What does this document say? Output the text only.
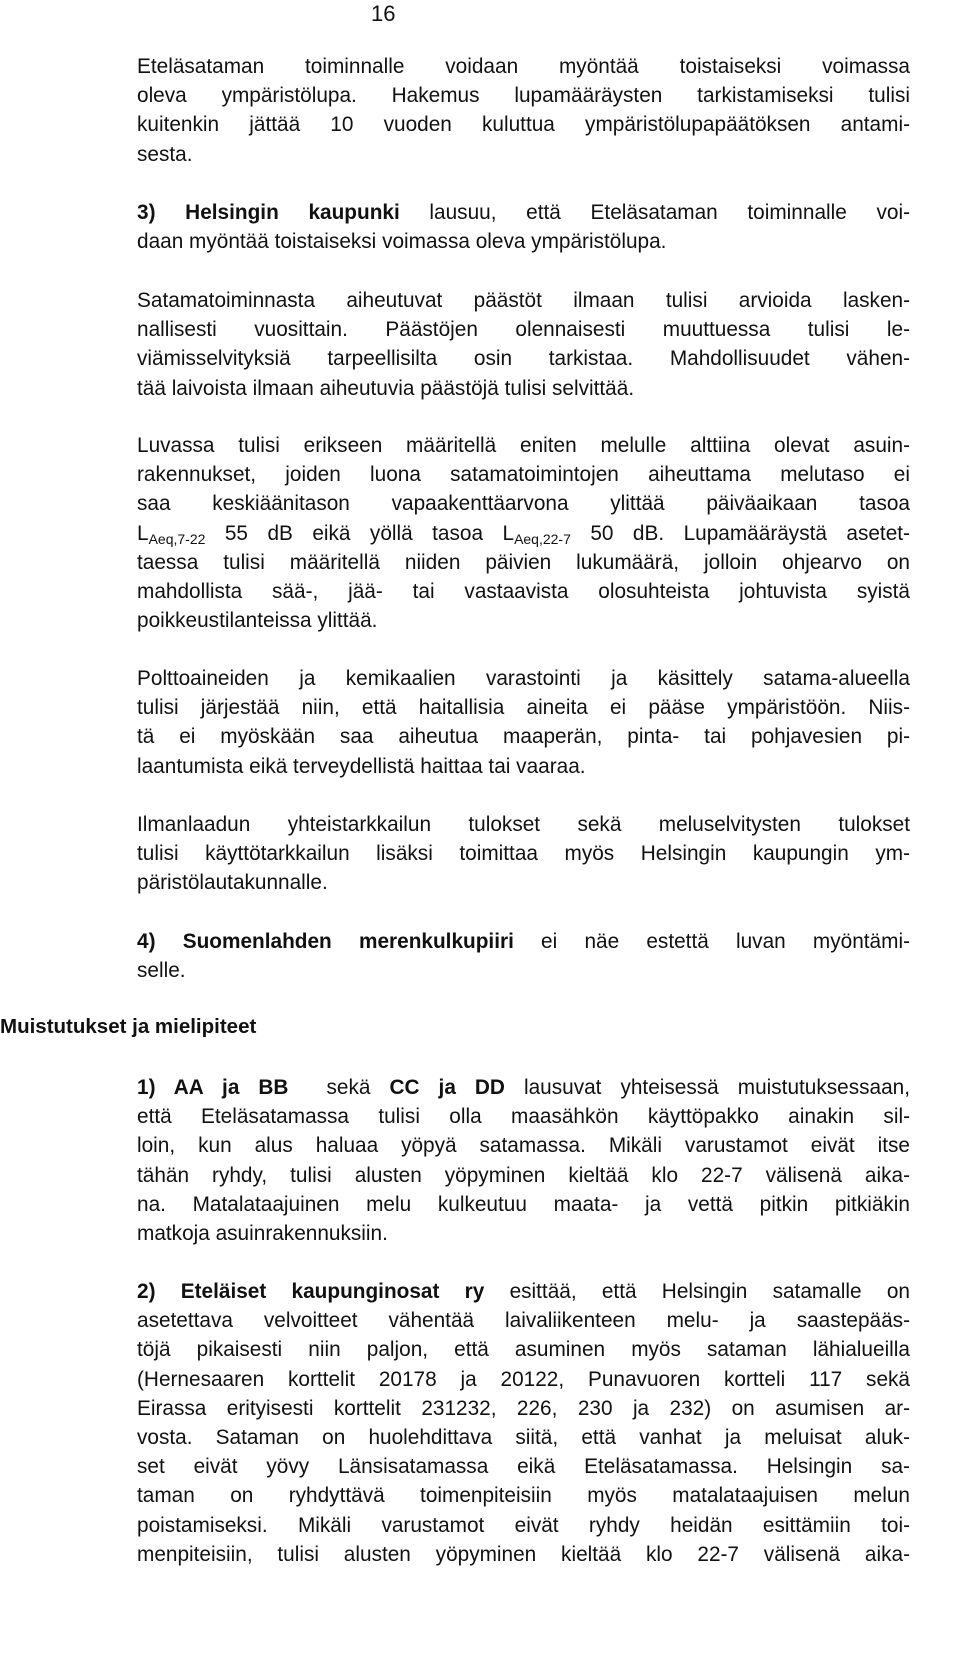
16
Eteläsataman toiminnalle voidaan myöntää toistaiseksi voimassa
oleva ympäristölupa. Hakemus lupamääräysten tarkistamiseksi tulisi
kuitenkin jättää 10 vuoden kuluttua ympäristölupapäätöksen antami-
sesta.
3) Helsingin kaupunki lausuu, että Eteläsataman toiminnalle voi-
daan myöntää toistaiseksi voimassa oleva ympäristölupa.
Satamatoiminnasta aiheutuvat päästöt ilmaan tulisi arvioida lasken-
nallisesti vuosittain. Päästöjen olennaisesti muuttuessa tulisi le-
viämisselvityksiä tarpeellisilta osin tarkistaa. Mahdollisuudet vähen-
tää laivoista ilmaan aiheutuvia päästöjä tulisi selvittää.
Luvassa tulisi erikseen määritellä eniten melulle alttiina olevat asuin-
rakennukset, joiden luona satamatoimintojen aiheuttama melutaso ei
saa keskiäänitason vapaakenttäarvona ylittää päiväaikaan tasoa
$L_{Aeq,7-22}$ 55 dB eikä yöllä tasoa $L_{Aeq,22-7}$ 50 dB. Lupamääräystä asetet-
taessa tulisi määritellä niiden päivien lukumäärä, jolloin ohjearvo on
mahdollista sää-, jää- tai vastaavista olosuhteista johtuvista syistä
poikkeustilanteissa ylittää.
Polttoaineiden ja kemikaalien varastointi ja käsittely satama-alueella
tulisi järjestää niin, että haitallisia aineita ei pääse ympäristöön. Niis-
tä ei myöskään saa aiheutua maaperän, pinta- tai pohjavesien pi-
laantumista eikä terveydellistä haittaa tai vaaraa.
Ilmanlaadun yhteistarkkailun tulokset sekä meluselvitysten tulokset
tulisi käyttötarkkailun lisäksi toimittaa myös Helsingin kaupungin ym-
päristölautakunnalle.
4) Suomenlahden merenkulkupiiri ei näe estettä luvan myöntämi-
selle.
Muistutukset ja mielipiteet
1) AA ja BB  sekä CC ja DD lausuvat yhteisessä muistutuksessaan,
että Eteläsatamassa tulisi olla maasähkön käyttöpakko ainakin sil-
loin, kun alus haluaa yöpyä satamassa. Mikäli varustamot eivät itse
tähän ryhdy, tulisi alusten yöpyminen kieltää klo 22-7 välisenä aika-
na. Matalataajuinen melu kulkeutuu maata- ja vettä pitkin pitkiäkin
matkoja asuinrakennuksiin.
2) Eteläiset kaupunginosat ry esittää, että Helsingin satamalle on
asetettava velvoitteet vähentää laivaliikenteen melu- ja saastepääs-
töjä pikaisesti niin paljon, että asuminen myös sataman lähialueilla
(Hernesaaren korttelit 20178 ja 20122, Punavuoren kortteli 117 sekä
Eirassa erityisesti korttelit 231232, 226, 230 ja 232) on asumisen ar-
vosta. Sataman on huolehdittava siitä, että vanhat ja meluisat aluk-
set eivät yövy Länsisatamassa eikä Eteläsatamassa. Helsingin sa-
taman on ryhdyttävä toimenpiteisiin myös matalataajuisen melun
poistamiseksi. Mikäli varustamot eivät ryhdy heidän esittämiin toi-
menpiteisiin, tulisi alusten yöpyminen kieltää klo 22-7 välisenä aika-
